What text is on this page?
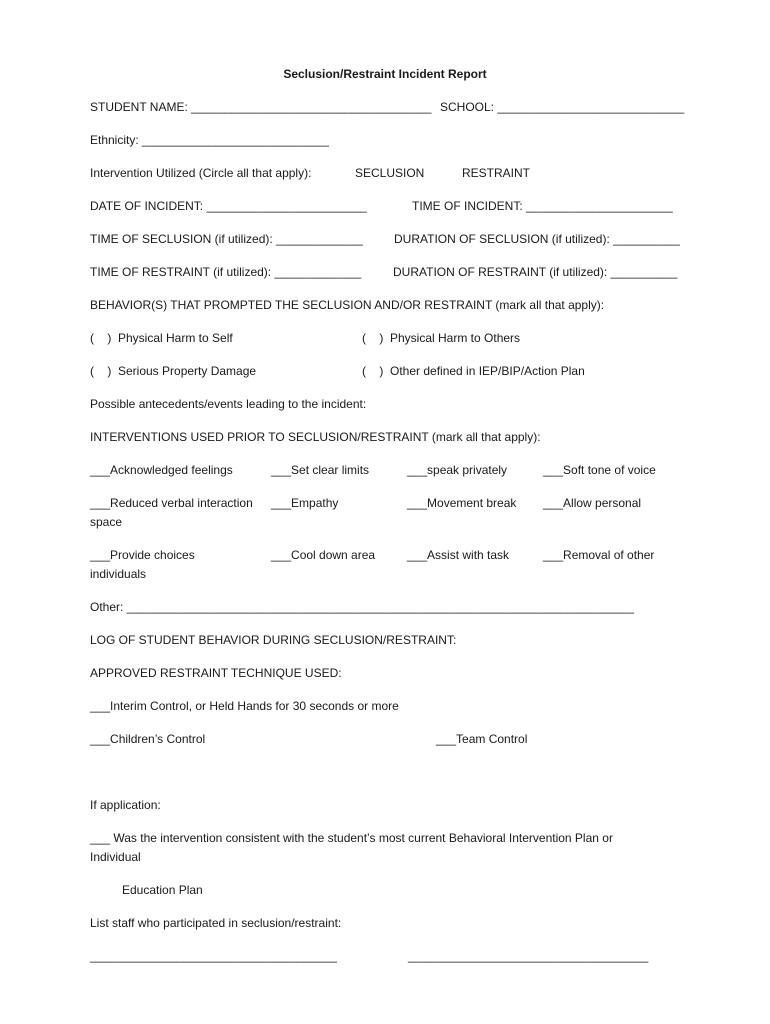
Seclusion/Restraint Incident Report
STUDENT NAME: ____________________________________ SCHOOL: ____________________________
Ethnicity: ____________________________
Intervention Utilized (Circle all that apply):	SECLUSION	RESTRAINT
DATE OF INCIDENT: ________________________	TIME OF INCIDENT: ______________________
TIME OF SECLUSION (if utilized): _____________	DURATION OF SECLUSION (if utilized): __________
TIME OF RESTRAINT (if utilized): _____________	DURATION OF RESTRAINT (if utilized): __________
BEHAVIOR(S) THAT PROMPTED THE SECLUSION AND/OR RESTRAINT (mark all that apply):
(    )  Physical Harm to Self	(    )  Physical Harm to Others
(    )  Serious Property Damage	(    )  Other defined in IEP/BIP/Action Plan
Possible antecedents/events leading to the incident:
INTERVENTIONS USED PRIOR TO SECLUSION/RESTRAINT (mark all that apply):
___Acknowledged feelings	___Set clear limits	___speak privately	___Soft tone of voice
___Reduced verbal interaction ___Empathy	___Movement break ___Allow personal
space
___Provide choices	___Cool down area	___Assist with task	___Removal of other
individuals
Other: ____________________________________________________________________________
LOG OF STUDENT BEHAVIOR DURING SECLUSION/RESTRAINT:
APPROVED RESTRAINT TECHNIQUE USED:
___Interim Control, or Held Hands for 30 seconds or more
___Children’s Control	___Team Control
If application:
___ Was the intervention consistent with the student’s most current Behavioral Intervention Plan or
Individual
Education Plan
List staff who participated in seclusion/restraint:
_____________________________________	____________________________________
